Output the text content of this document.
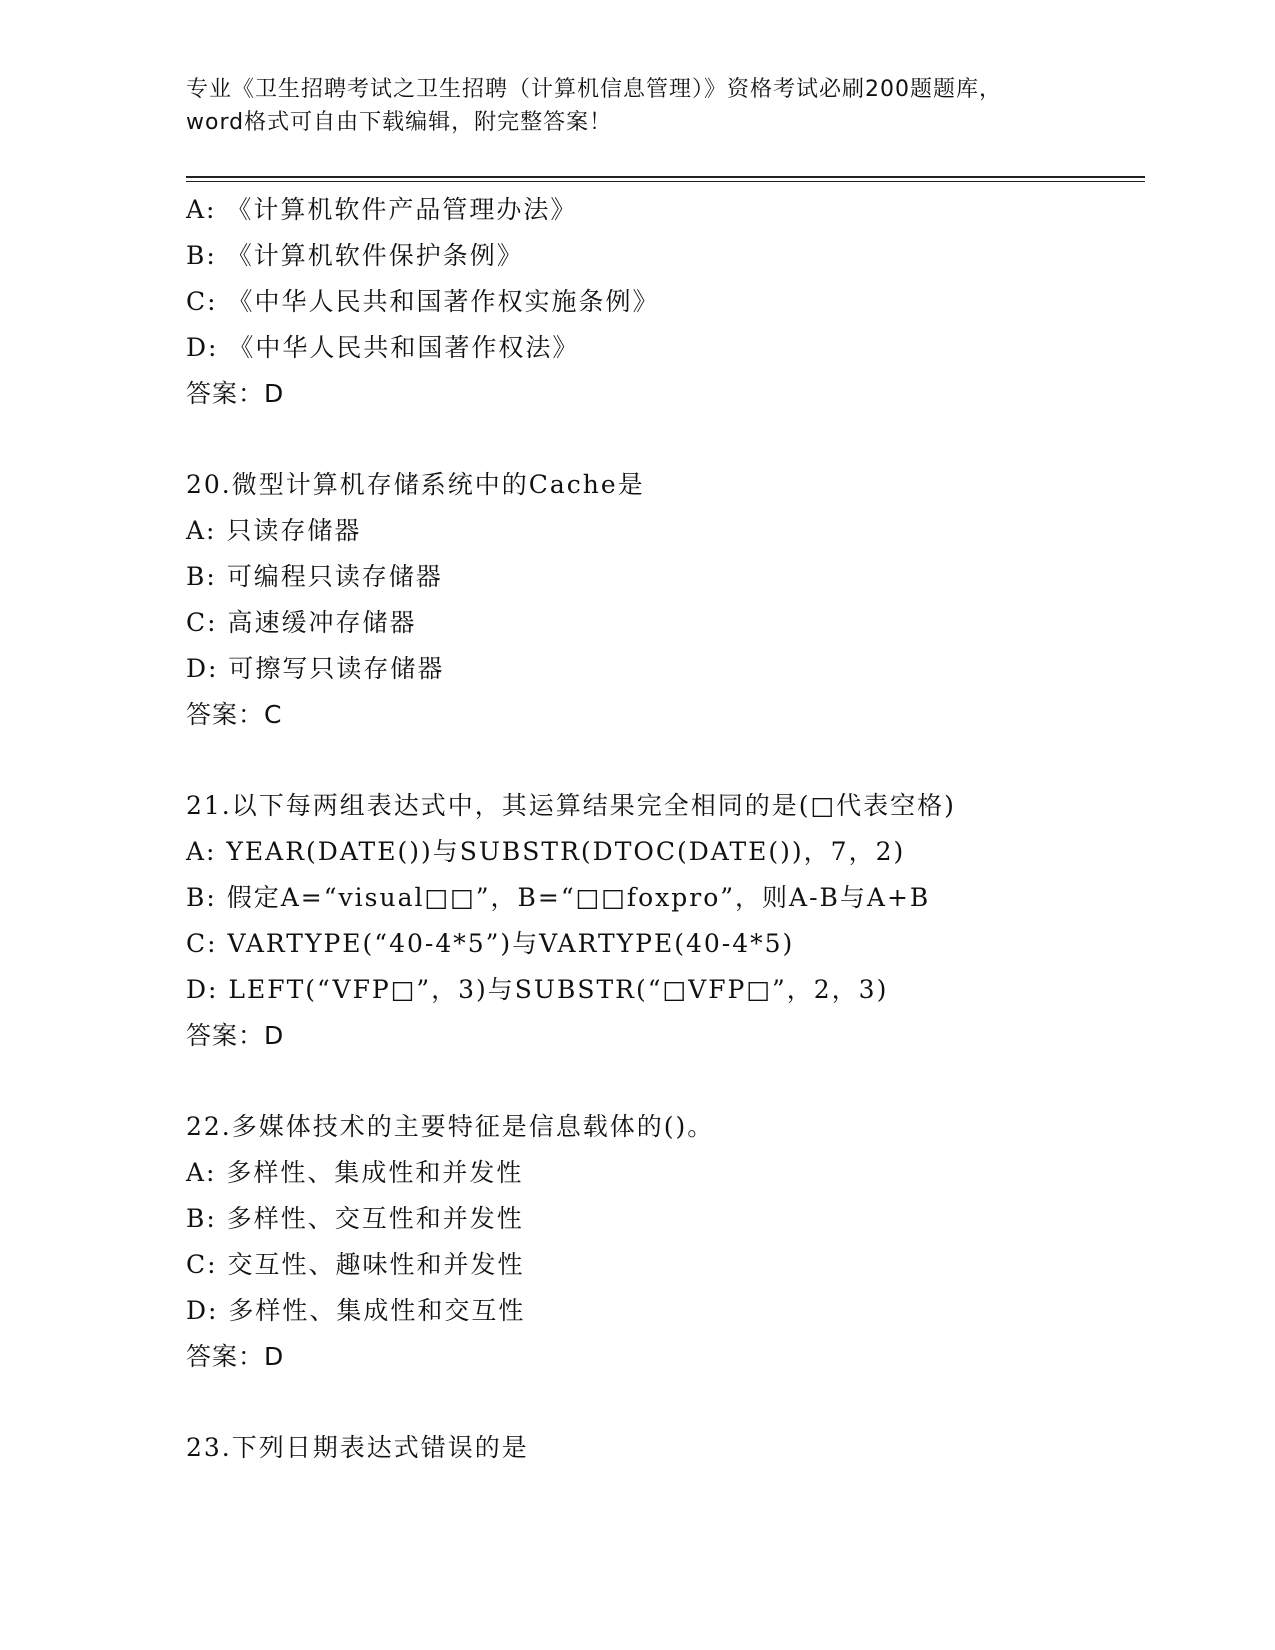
专业《卫生招聘考试之卫生招聘（计算机信息管理）》资格考试必刷200题题库，
word格式可自由下载编辑，附完整答案！
A: 《计算机软件产品管理办法》
B: 《计算机软件保护条例》
C: 《中华人民共和国著作权实施条例》
D: 《中华人民共和国著作权法》
答案：D
20.微型计算机存储系统中的Cache是
A: 只读存储器
B: 可编程只读存储器
C: 高速缓冲存储器
D: 可擦写只读存储器
答案：C
21.以下每两组表达式中，其运算结果完全相同的是(□代表空格)
A: YEAR(DATE())与SUBSTR(DTOC(DATE())，7，2)
B: 假定A=“visual□□”，B=“□□foxpro”，则A-B与A+B
C: VARTYPE(“40-4*5”)与VARTYPE(40-4*5)
D: LEFT(“VFP□”，3)与SUBSTR(“□VFP□”，2，3)
答案：D
22.多媒体技术的主要特征是信息载体的()。
A: 多样性、集成性和并发性
B: 多样性、交互性和并发性
C: 交互性、趣味性和并发性
D: 多样性、集成性和交互性
答案：D
23.下列日期表达式错误的是
